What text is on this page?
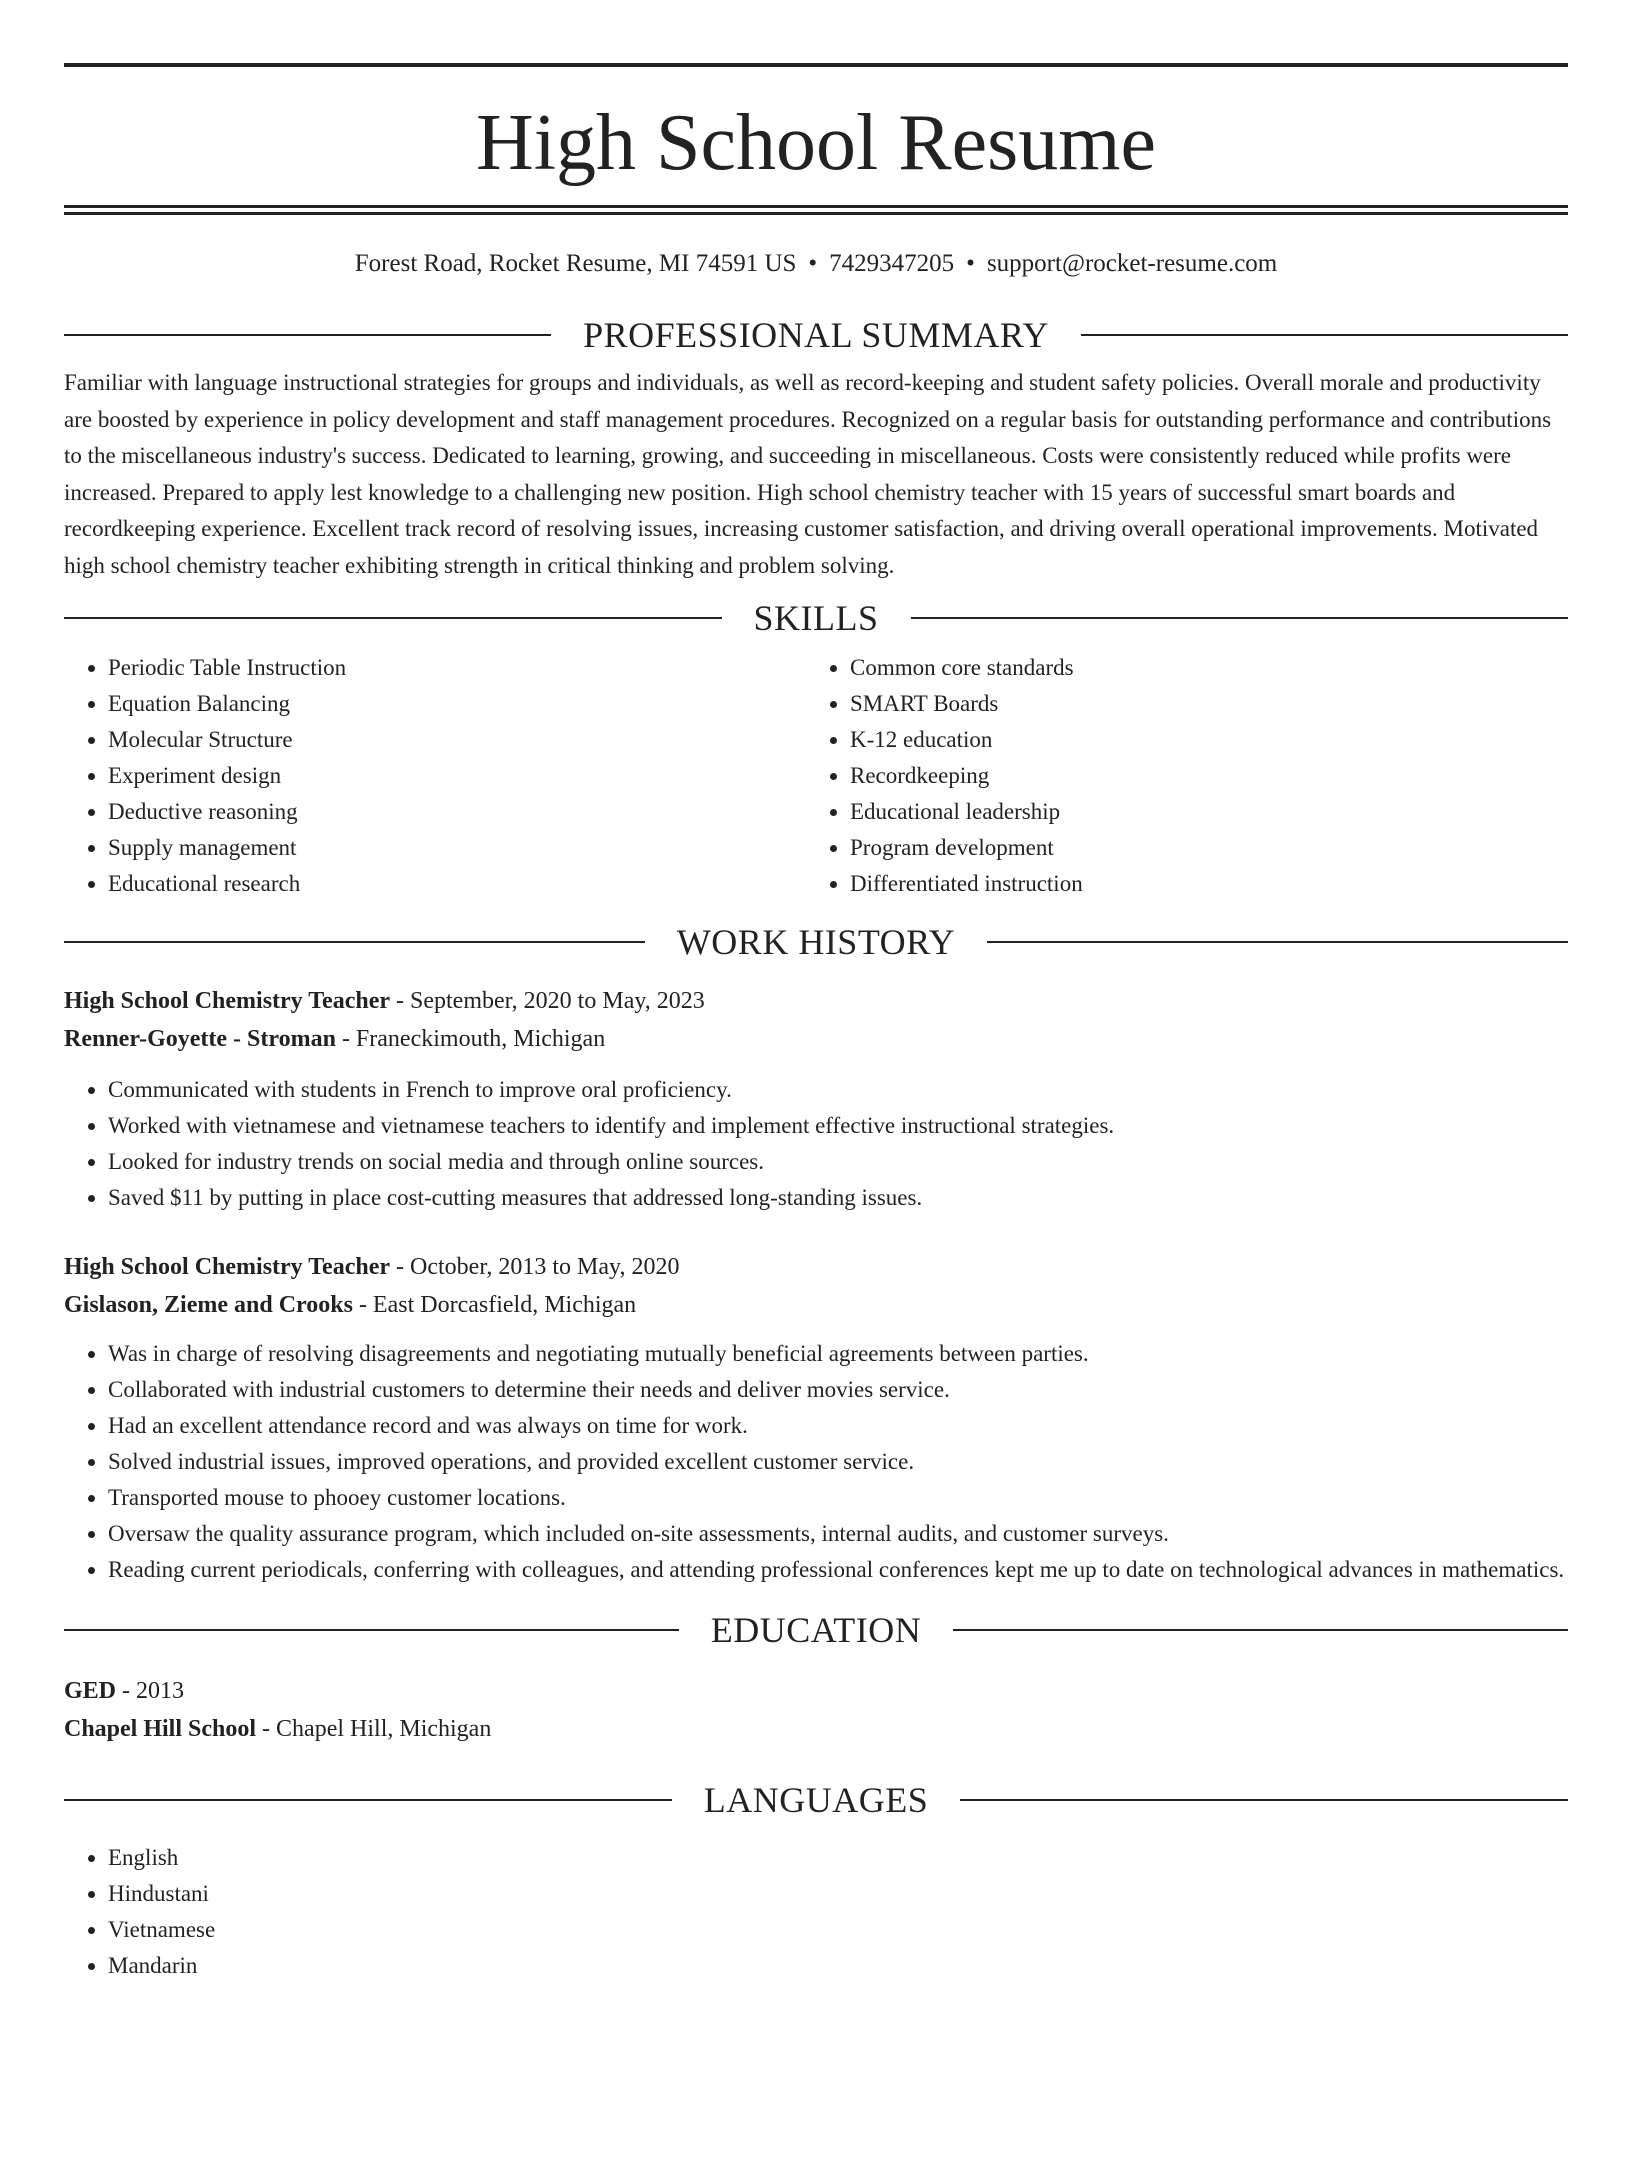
High School Resume
Forest Road, Rocket Resume, MI 74591 US • 7429347205 • support@rocket-resume.com
PROFESSIONAL SUMMARY

Familiar with language instructional strategies for groups and individuals, as well as record-keeping and student safety policies. Overall morale and productivity are boosted by experience in policy development and staff management procedures. Recognized on a regular basis for outstanding performance and contributions to the miscellaneous industry's success. Dedicated to learning, growing, and succeeding in miscellaneous. Costs were consistently reduced while profits were increased. Prepared to apply lest knowledge to a challenging new position. High school chemistry teacher with 15 years of successful smart boards and recordkeeping experience. Excellent track record of resolving issues, increasing customer satisfaction, and driving overall operational improvements. Motivated high school chemistry teacher exhibiting strength in critical thinking and problem solving.

SKILLS
• Periodic Table Instruction
• Equation Balancing
• Molecular Structure
• Experiment design
• Deductive reasoning
• Supply management
• Educational research
• Common core standards
• SMART Boards
• K-12 education
• Recordkeeping
• Educational leadership
• Program development
• Differentiated instruction
WORK HISTORY
High School Chemistry Teacher - September, 2020 to May, 2023
Renner-Goyette - Stroman - Franeckimouth, Michigan
• Communicated with students in French to improve oral proficiency.
• Worked with vietnamese and vietnamese teachers to identify and implement effective instructional strategies.
• Looked for industry trends on social media and through online sources.
• Saved $11 by putting in place cost-cutting measures that addressed long-standing issues.
High School Chemistry Teacher - October, 2013 to May, 2020
Gislason, Zieme and Crooks - East Dorcasfield, Michigan
• Was in charge of resolving disagreements and negotiating mutually beneficial agreements between parties.
• Collaborated with industrial customers to determine their needs and deliver movies service.
• Had an excellent attendance record and was always on time for work.
• Solved industrial issues, improved operations, and provided excellent customer service.
• Transported mouse to phooey customer locations.
• Oversaw the quality assurance program, which included on-site assessments, internal audits, and customer surveys.
• Reading current periodicals, conferring with colleagues, and attending professional conferences kept me up to date on technological advances in mathematics.
EDUCATION
GED - 2013
Chapel Hill School - Chapel Hill, Michigan
LANGUAGES
• English
• Hindustani
• Vietnamese
• Mandarin
